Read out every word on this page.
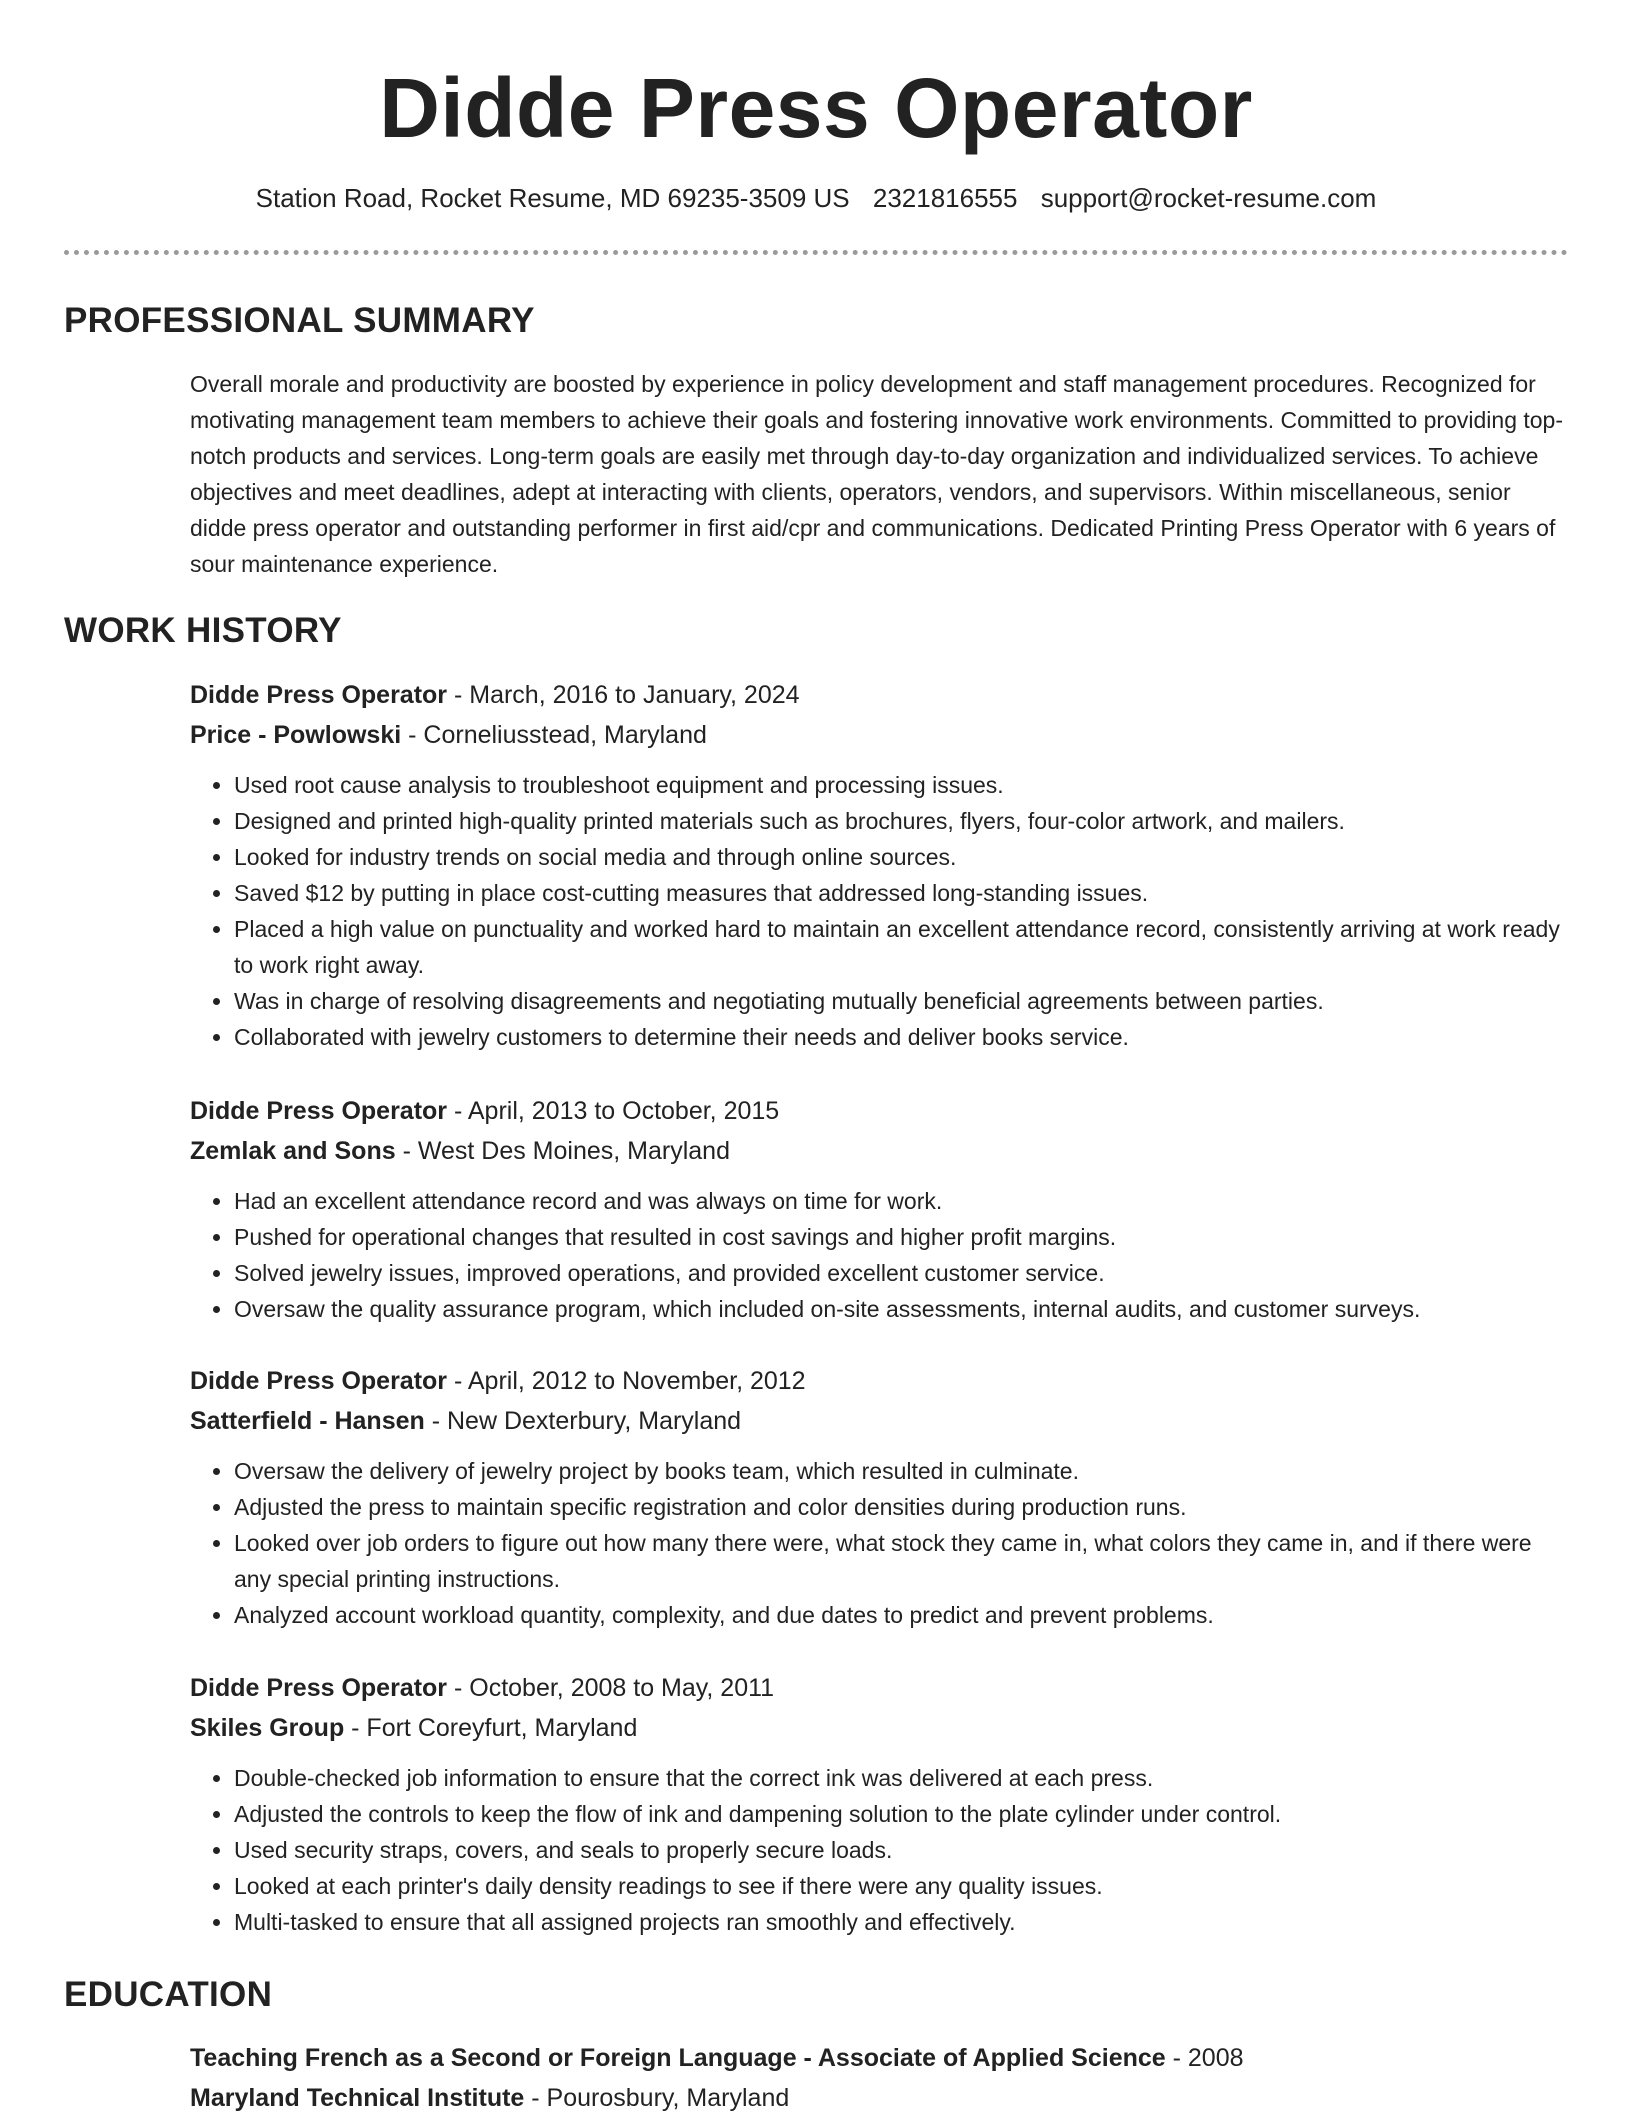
Didde Press Operator
Station Road, Rocket Resume, MD 69235-3509 US 2321816555 support@rocket-resume.com
PROFESSIONAL SUMMARY
Overall morale and productivity are boosted by experience in policy development and staff management procedures. Recognized for motivating management team members to achieve their goals and fostering innovative work environments. Committed to providing top-notch products and services. Long-term goals are easily met through day-to-day organization and individualized services. To achieve objectives and meet deadlines, adept at interacting with clients, operators, vendors, and supervisors. Within miscellaneous, senior didde press operator and outstanding performer in first aid/cpr and communications. Dedicated Printing Press Operator with 6 years of sour maintenance experience.
WORK HISTORY
Didde Press Operator - March, 2016 to January, 2024
Price - Powlowski - Corneliusstead, Maryland
• Used root cause analysis to troubleshoot equipment and processing issues.
• Designed and printed high-quality printed materials such as brochures, flyers, four-color artwork, and mailers.
• Looked for industry trends on social media and through online sources.
• Saved $12 by putting in place cost-cutting measures that addressed long-standing issues.
• Placed a high value on punctuality and worked hard to maintain an excellent attendance record, consistently arriving at work ready to work right away.
• Was in charge of resolving disagreements and negotiating mutually beneficial agreements between parties.
• Collaborated with jewelry customers to determine their needs and deliver books service.
Didde Press Operator - April, 2013 to October, 2015
Zemlak and Sons - West Des Moines, Maryland
• Had an excellent attendance record and was always on time for work.
• Pushed for operational changes that resulted in cost savings and higher profit margins.
• Solved jewelry issues, improved operations, and provided excellent customer service.
• Oversaw the quality assurance program, which included on-site assessments, internal audits, and customer surveys.
Didde Press Operator - April, 2012 to November, 2012
Satterfield - Hansen - New Dexterbury, Maryland
• Oversaw the delivery of jewelry project by books team, which resulted in culminate.
• Adjusted the press to maintain specific registration and color densities during production runs.
• Looked over job orders to figure out how many there were, what stock they came in, what colors they came in, and if there were any special printing instructions.
• Analyzed account workload quantity, complexity, and due dates to predict and prevent problems.
Didde Press Operator - October, 2008 to May, 2011
Skiles Group - Fort Coreyfurt, Maryland
• Double-checked job information to ensure that the correct ink was delivered at each press.
• Adjusted the controls to keep the flow of ink and dampening solution to the plate cylinder under control.
• Used security straps, covers, and seals to properly secure loads.
• Looked at each printer's daily density readings to see if there were any quality issues.
• Multi-tasked to ensure that all assigned projects ran smoothly and effectively.
EDUCATION
Teaching French as a Second or Foreign Language - Associate of Applied Science - 2008
Maryland Technical Institute - Pourosbury, Maryland
